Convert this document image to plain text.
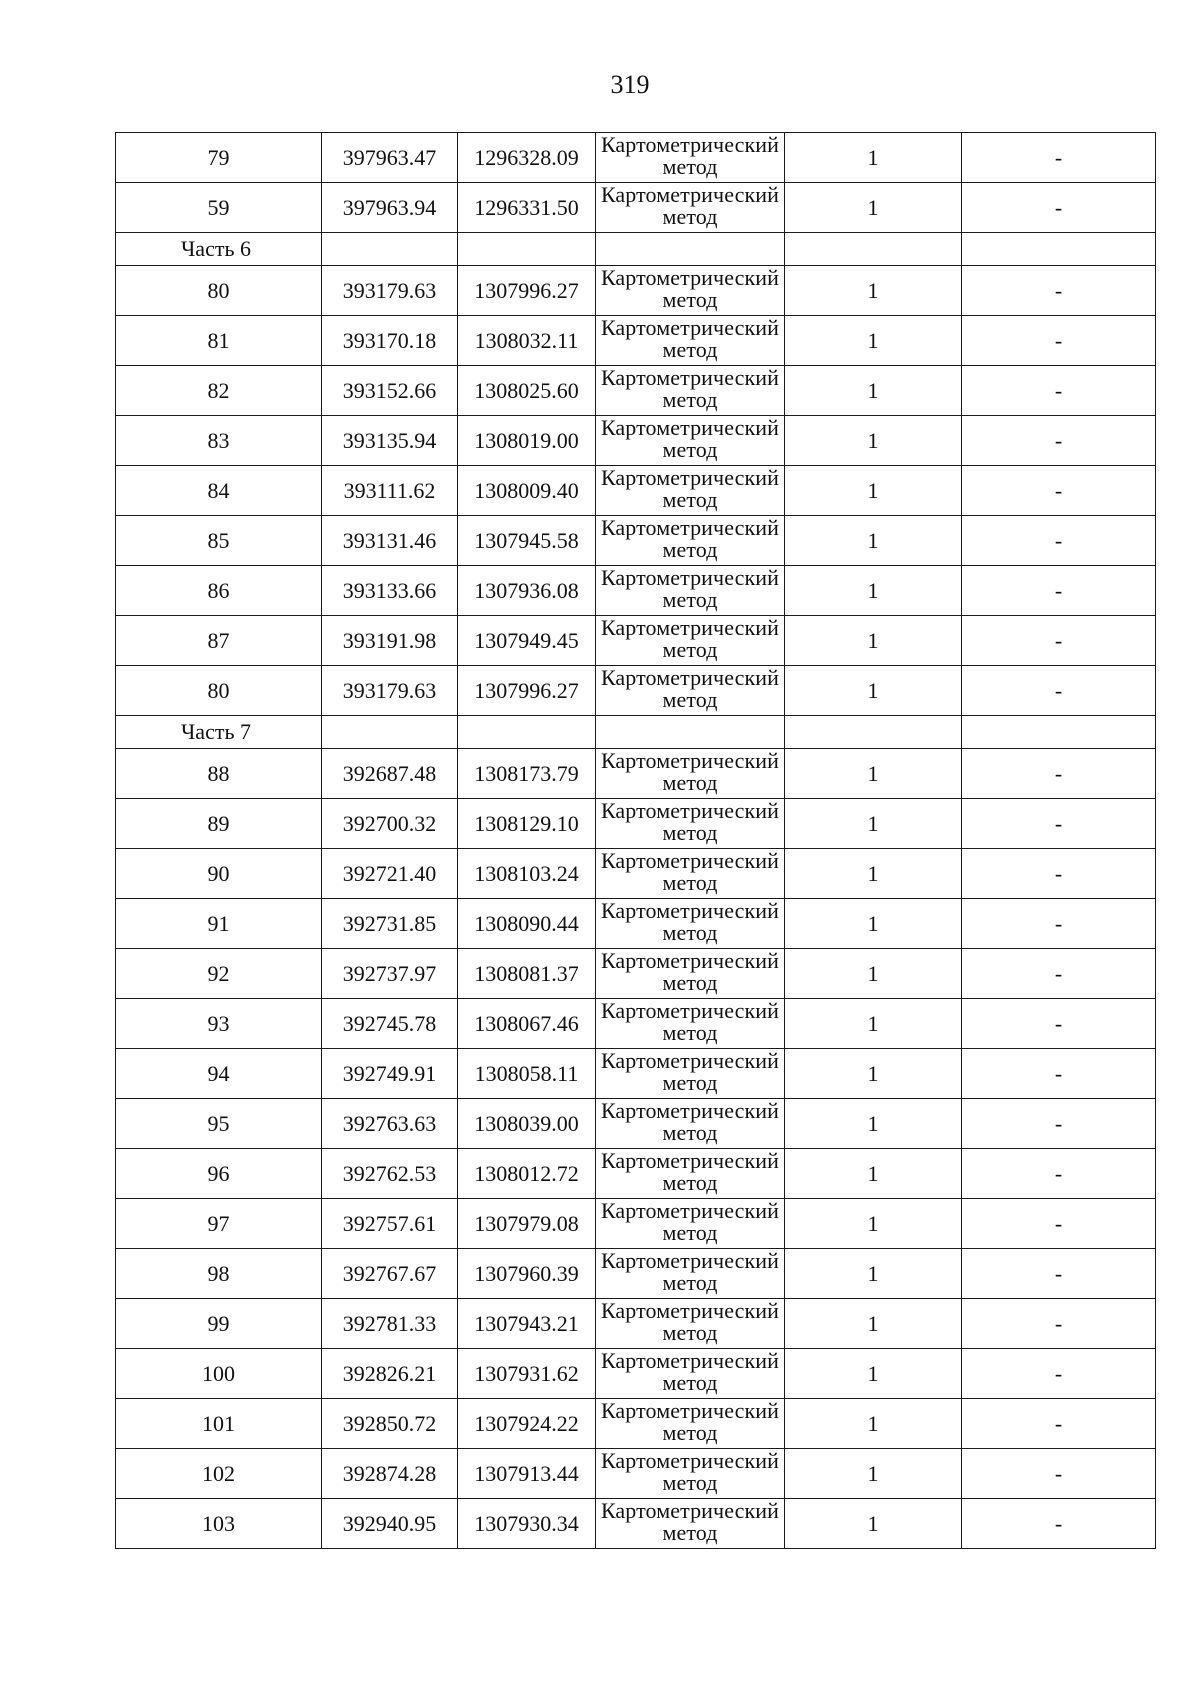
319
79	397963.47	1296328.09	Картометрический метод	1	-
59	397963.94	1296331.50	Картометрический метод	1	-
Часть 6					
80	393179.63	1307996.27	Картометрический метод	1	-
81	393170.18	1308032.11	Картометрический метод	1	-
82	393152.66	1308025.60	Картометрический метод	1	-
83	393135.94	1308019.00	Картометрический метод	1	-
84	393111.62	1308009.40	Картометрический метод	1	-
85	393131.46	1307945.58	Картометрический метод	1	-
86	393133.66	1307936.08	Картометрический метод	1	-
87	393191.98	1307949.45	Картометрический метод	1	-
80	393179.63	1307996.27	Картометрический метод	1	-
Часть 7					
88	392687.48	1308173.79	Картометрический метод	1	-
89	392700.32	1308129.10	Картометрический метод	1	-
90	392721.40	1308103.24	Картометрический метод	1	-
91	392731.85	1308090.44	Картометрический метод	1	-
92	392737.97	1308081.37	Картометрический метод	1	-
93	392745.78	1308067.46	Картометрический метод	1	-
94	392749.91	1308058.11	Картометрический метод	1	-
95	392763.63	1308039.00	Картометрический метод	1	-
96	392762.53	1308012.72	Картометрический метод	1	-
97	392757.61	1307979.08	Картометрический метод	1	-
98	392767.67	1307960.39	Картометрический метод	1	-
99	392781.33	1307943.21	Картометрический метод	1	-
100	392826.21	1307931.62	Картометрический метод	1	-
101	392850.72	1307924.22	Картометрический метод	1	-
102	392874.28	1307913.44	Картометрический метод	1	-
103	392940.95	1307930.34	Картометрический метод	1	-
